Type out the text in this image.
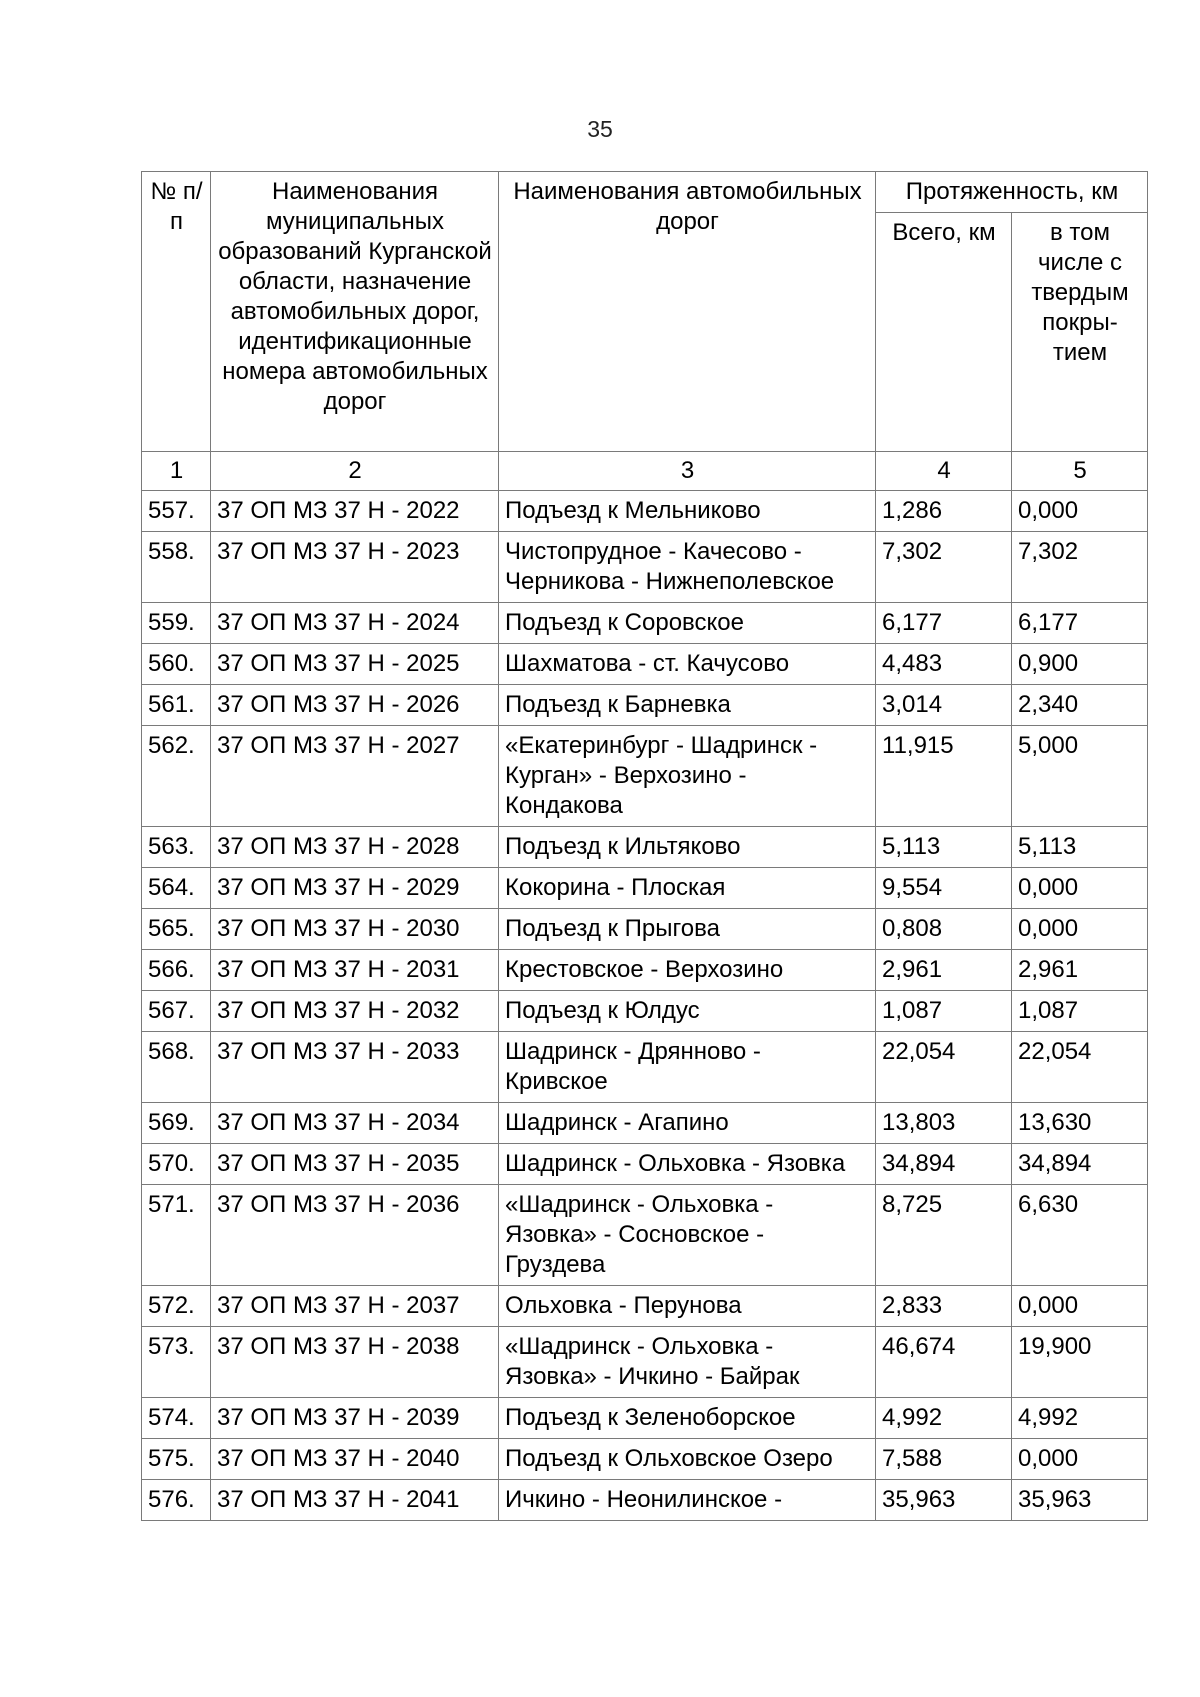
35
№ п/п	Наименования муниципальных образований Курганской области, назначение автомобильных дорог, идентификационные номера автомобильных дорог	Наименования автомобильных дорог	Протяженность, км	
			Всего, км	в том числе с твердым покры-тием
1	2	3	4	5
557.	37 ОП МЗ 37 Н - 2022	Подъезд к Мельниково	1,286	0,000
558.	37 ОП МЗ 37 Н - 2023	Чистопрудное - Качесово - Черникова - Нижнеполевское	7,302	7,302
559.	37 ОП МЗ 37 Н - 2024	Подъезд к Соровское	6,177	6,177
560.	37 ОП МЗ 37 Н - 2025	Шахматова - ст. Качусово	4,483	0,900
561.	37 ОП МЗ 37 Н - 2026	Подъезд к Барневка	3,014	2,340
562.	37 ОП МЗ 37 Н - 2027	«Екатеринбург - Шадринск - Курган» - Верхозино - Кондакова	11,915	5,000
563.	37 ОП МЗ 37 Н - 2028	Подъезд к Ильтяково	5,113	5,113
564.	37 ОП МЗ 37 Н - 2029	Кокорина - Плоская	9,554	0,000
565.	37 ОП МЗ 37 Н - 2030	Подъезд к Прыгова	0,808	0,000
566.	37 ОП МЗ 37 Н - 2031	Крестовское - Верхозино	2,961	2,961
567.	37 ОП МЗ 37 Н - 2032	Подъезд к Юлдус	1,087	1,087
568.	37 ОП МЗ 37 Н - 2033	Шадринск - Дрянново - Кривское	22,054	22,054
569.	37 ОП МЗ 37 Н - 2034	Шадринск - Агапино	13,803	13,630
570.	37 ОП МЗ 37 Н - 2035	Шадринск - Ольховка - Язовка	34,894	34,894
571.	37 ОП МЗ 37 Н - 2036	«Шадринск - Ольховка - Язовка» - Сосновское - Груздева	8,725	6,630
572.	37 ОП МЗ 37 Н - 2037	Ольховка - Перунова	2,833	0,000
573.	37 ОП МЗ 37 Н - 2038	«Шадринск - Ольховка - Язовка» - Ичкино - Байрак	46,674	19,900
574.	37 ОП МЗ 37 Н - 2039	Подъезд к Зеленоборское	4,992	4,992
575.	37 ОП МЗ 37 Н - 2040	Подъезд к Ольховское Озеро	7,588	0,000
576.	37 ОП МЗ 37 Н - 2041	Ичкино - Неонилинское -	35,963	35,963
